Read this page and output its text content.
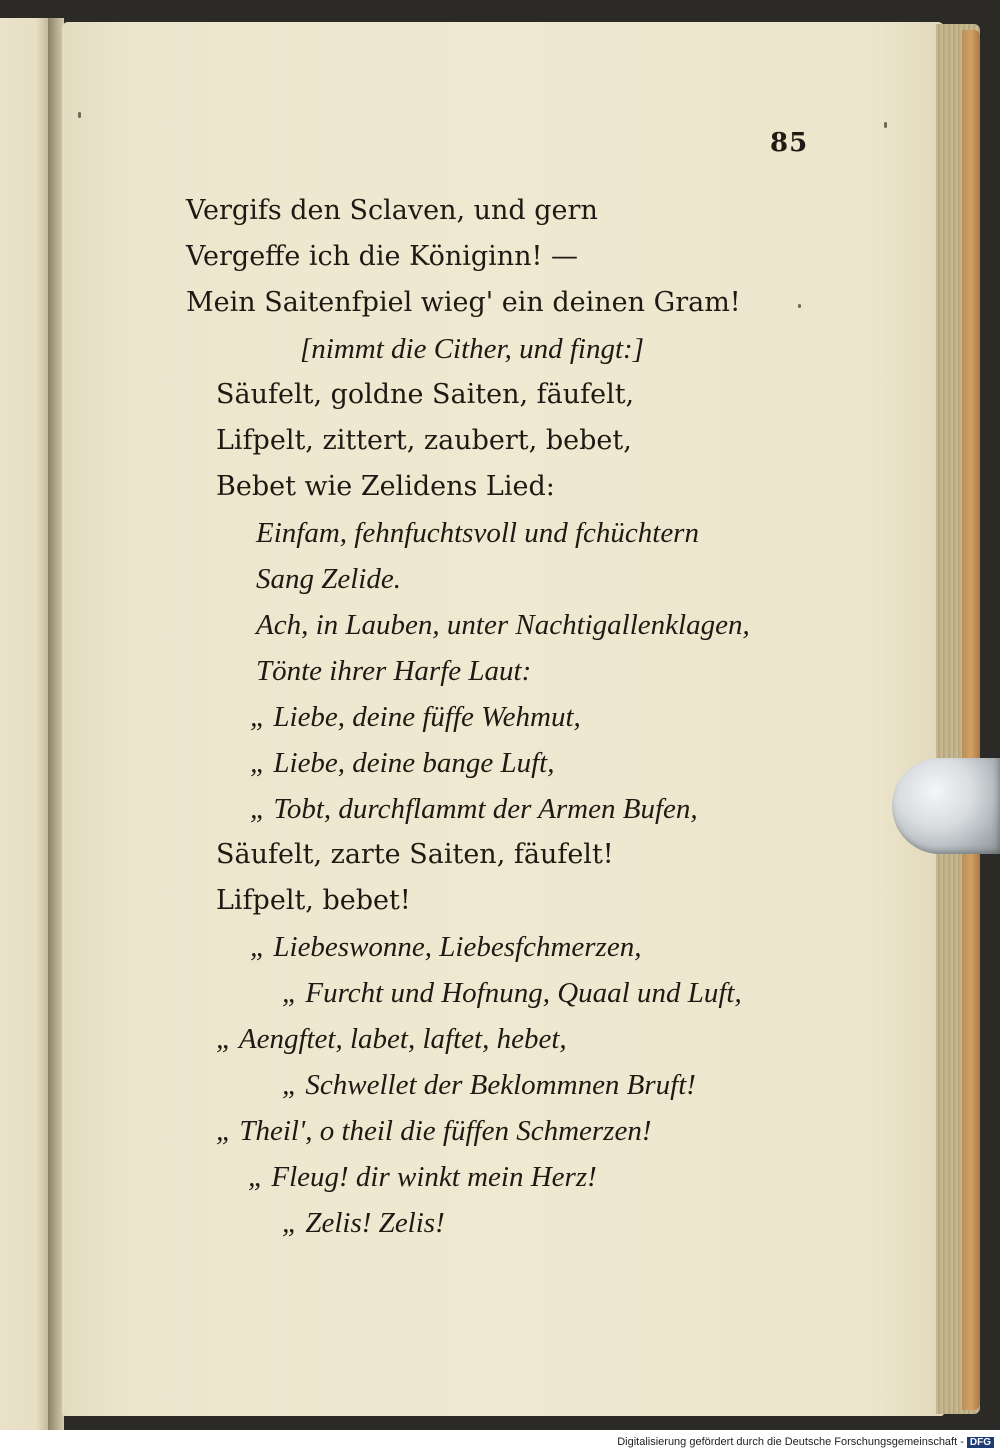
85
Vergifs den Sclaven, und gern
Vergeffe ich die Königinn! —
Mein Saitenfpiel wieg' ein deinen Gram!
[nimmt die Cither, und fingt:]
Säufelt, goldne Saiten, fäufelt,
Lifpelt, zittert, zaubert, bebet,
Bebet wie Zelidens Lied:
Einfam, fehnfuchtsvoll und fchüchtern
Sang Zelide.
Ach, in Lauben, unter Nachtigallenklagen,
Tönte ihrer Harfe Laut:
„ Liebe, deine füffe Wehmut,
„ Liebe, deine bange Luft,
„ Tobt, durchflammt der Armen Bufen,
Säufelt, zarte Saiten, fäufelt!
Lifpelt, bebet!
„ Liebeswonne, Liebesfchmerzen,
„ Furcht und Hofnung, Quaal und Luft,
„ Aengftet, labet, laftet, hebet,
„ Schwellet der Beklommnen Bruft!
„ Theil', o theil die füffen Schmerzen!
„ Fleug! dir winkt mein Herz!
„ Zelis! Zelis!
Digitalisierung gefördert durch die Deutsche Forschungsgemeinschaft - DFG
